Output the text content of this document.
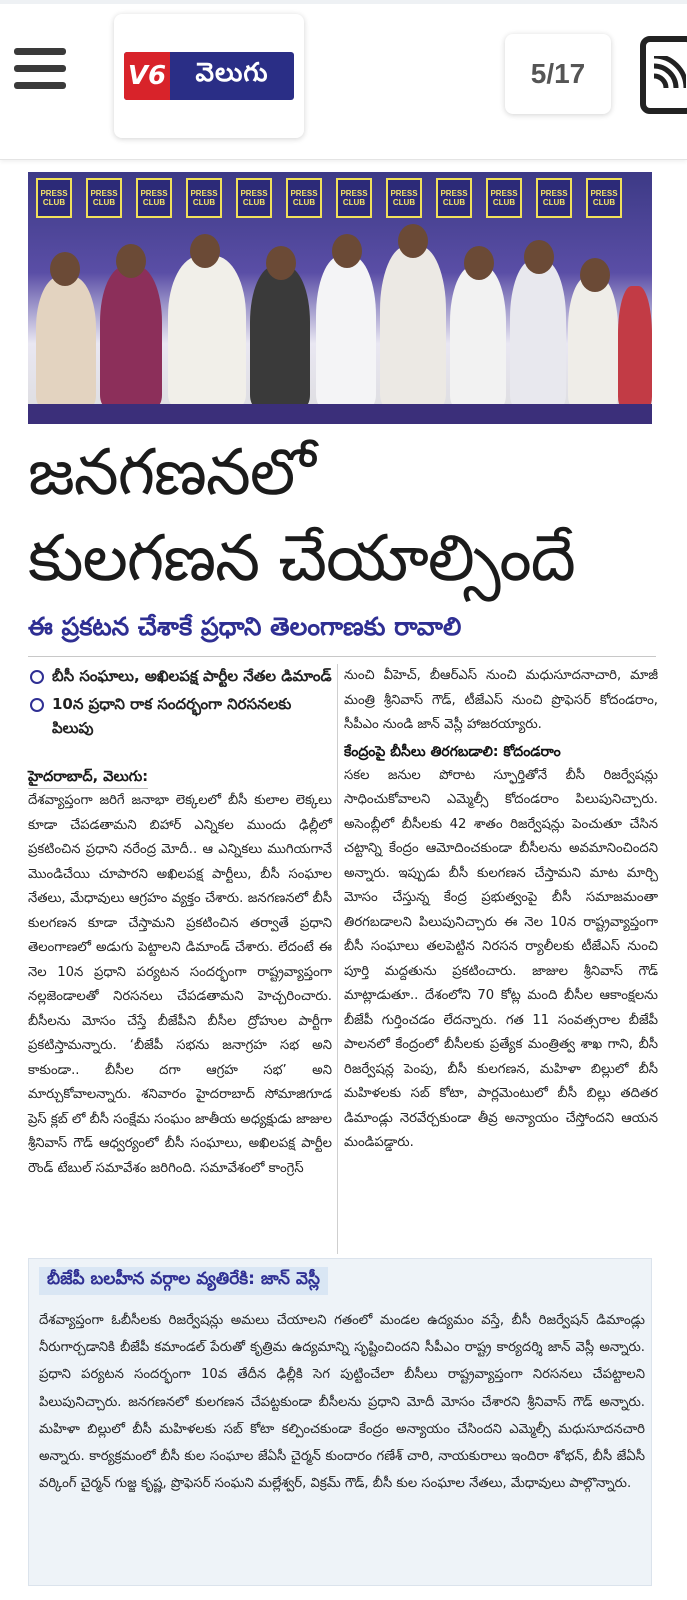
V6	వెలుగు	5/17
PRESS CLUB
PRESS CLUB
PRESS CLUB
PRESS CLUB
PRESS CLUB
PRESS CLUB
PRESS CLUB
PRESS CLUB
PRESS CLUB
PRESS CLUB
PRESS CLUB
PRESS CLUB
జనగణనలో
కులగణన చేయాల్సిందే
ఈ ప్రకటన చేశాకే ప్రధాని తెలంగాణకు రావాలి
బీసీ సంఘాలు, అఖిలపక్ష పార్టీల నేతల డిమాండ్
10న ప్రధాని రాక సందర్భంగా నిరసనలకు పిలుపు
హైదరాబాద్, వెలుగు:

దేశవ్యాప్తంగా జరిగే జనాభా లెక్కలలో బీసీ కులాల లెక్కలు కూడా చేపడతామని బిహార్ ఎన్నికల ముందు ఢిల్లీలో ప్రకటించిన ప్రధాని నరేంద్ర మోదీ.. ఆ ఎన్నికలు ముగియగానే మొండిచేయి చూపారని అఖిలపక్ష పార్టీలు, బీసీ సంఘాల నేతలు, మేధావులు ఆగ్రహం వ్యక్తం చేశారు. జనగణనలో బీసీ కులగణన కూడా చేస్తామని ప్రకటించిన తర్వాతే ప్రధాని తెలంగాణలో అడుగు పెట్టాలని డిమాండ్ చేశారు. లేదంటే ఈ నెల 10న ప్రధాని పర్యటన సందర్భంగా రాష్ట్రవ్యాప్తంగా నల్లజెండాలతో నిరసనలు చేపడతామని హెచ్చరించారు. బీసీలను మోసం చేస్తే బీజేపీని బీసీల ద్రోహుల పార్టీగా ప్రకటిస్తామన్నారు. ‘బీజేపీ సభను జనాగ్రహ సభ అని కాకుండా.. బీసీల దగా ఆగ్రహ సభ’ అని మార్చుకోవాలన్నారు. శనివారం హైదరాబాద్ సోమాజిగూడ ప్రెస్ క్లబ్ లో బీసీ సంక్షేమ సంఘం జాతీయ అధ్యక్షుడు జాజుల శ్రీనివాస్ గౌడ్ ఆధ్వర్యంలో బీసీ సంఘాలు, అఖిలపక్ష పార్టీల రౌండ్ టేబుల్ సమావేశం జరిగింది. సమావేశంలో కాంగ్రెస్

నుంచి వీహెచ్, బీఆర్ఎస్ నుంచి మధుసూదనాచారి, మాజీ మంత్రి శ్రీనివాస్ గౌడ్, టీజేఎస్ నుంచి ప్రొఫెసర్ కోదండరాం, సీపీఎం నుండి జాన్ వెస్లీ హాజరయ్యారు.

కేంద్రంపై బీసీలు తిరగబడాలి: కోదండరాం

సకల జనుల పోరాట స్ఫూర్తితోనే బీసీ రిజర్వేషన్లు సాధించుకోవాలని ఎమ్మెల్సీ కోదండరాం పిలుపునిచ్చారు. అసెంబ్లీలో బీసీలకు 42 శాతం రిజర్వేషన్లు పెంచుతూ చేసిన చట్టాన్ని కేంద్రం ఆమోదించకుండా బీసీలను అవమానించిందని అన్నారు. ఇప్పుడు బీసీ కులగణన చేస్తామని మాట మార్చి మోసం చేస్తున్న కేంద్ర ప్రభుత్వంపై బీసీ సమాజమంతా తిరగబడాలని పిలుపునిచ్చారు ఈ నెల 10న రాష్ట్రవ్యాప్తంగా బీసీ సంఘాలు తలపెట్టిన నిరసన ర్యాలీలకు టీజేఎస్ నుంచి పూర్తి మద్దతును ప్రకటించారు. జాజుల శ్రీనివాస్ గౌడ్ మాట్లాడుతూ.. దేశంలోని 70 కోట్ల మంది బీసీల ఆకాంక్షలను బీజేపీ గుర్తించడం లేదన్నారు. గత 11 సంవత్సరాల బీజేపీ పాలనలో కేంద్రంలో బీసీలకు ప్రత్యేక మంత్రిత్వ శాఖ గాని, బీసీ రిజర్వేషన్ల పెంపు, బీసీ కులగణన, మహిళా బిల్లులో బీసీ మహిళలకు సబ్ కోటా, పార్లమెంటులో బీసీ బిల్లు తదితర డిమాండ్లు నెరవేర్చకుండా తీవ్ర అన్యాయం చేస్తోందని ఆయన మండిపడ్డారు.

బీజేపీ బలహీన వర్గాల వ్యతిరేకి: జాన్ వెస్లీ

దేశవ్యాప్తంగా ఓబీసీలకు రిజర్వేషన్లు అమలు చేయాలని గతంలో మండల ఉద్యమం వస్తే, బీసీ రిజర్వేషన్ డిమాండ్లు నీరుగార్చడానికి బీజేపీ కమాండల్ పేరుతో కృత్రిమ ఉద్యమాన్ని సృష్టించిందని సీపీఎం రాష్ట్ర కార్యదర్శి జాన్ వెస్లీ అన్నారు. ప్రధాని పర్యటన సందర్భంగా 10వ తేదీన ఢిల్లీకి సెగ పుట్టించేలా బీసీలు రాష్ట్రవ్యాప్తంగా నిరసనలు చేపట్టాలని పిలుపునిచ్చారు. జనగణనలో కులగణన చేపట్టకుండా బీసీలను ప్రధాని మోదీ మోసం చేశారని శ్రీనివాస్ గౌడ్ అన్నారు. మహిళా బిల్లులో బీసీ మహిళలకు సబ్ కోటా కల్పించకుండా కేంద్రం అన్యాయం చేసిందని ఎమ్మెల్సీ మధుసూదనచారి అన్నారు. కార్యక్రమంలో బీసీ కుల సంఘాల జేఏసీ చైర్మన్ కుందారం గణేశ్ చారి, నాయకురాలు ఇందిరా శోభన్, బీసీ జేఏసీ వర్కింగ్ చైర్మన్ గుజ్జ కృష్ణ, ప్రొఫెసర్ సంఘని మల్లేశ్వర్, విక్రమ్ గౌడ్, బీసీ కుల సంఘాల నేతలు, మేధావులు పాల్గొన్నారు.
